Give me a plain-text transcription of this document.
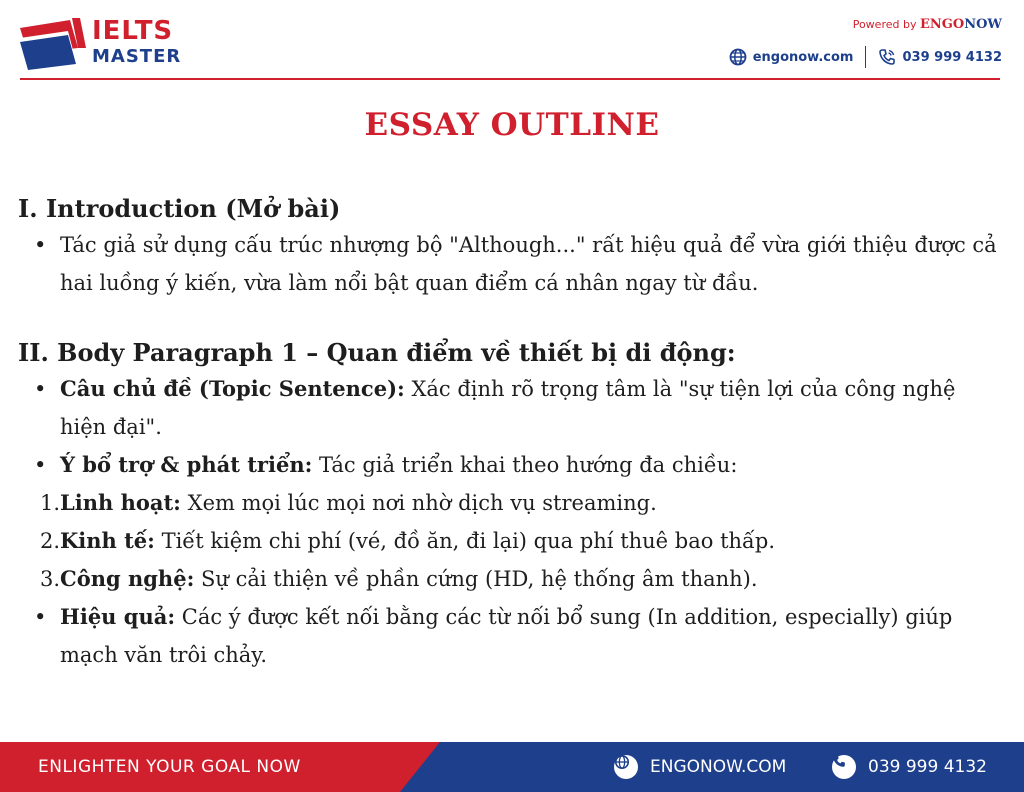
IELTS
MASTER
Powered by ENGONOW
engonow.com	039 999 4132
ESSAY OUTLINE
I. Introduction (Mở bài)
• Tác giả sử dụng cấu trúc nhượng bộ "Although..." rất hiệu quả để vừa giới thiệu được cả hai luồng ý kiến, vừa làm nổi bật quan điểm cá nhân ngay từ đầu.
II. Body Paragraph 1 – Quan điểm về thiết bị di động:
• Câu chủ đề (Topic Sentence): Xác định rõ trọng tâm là "sự tiện lợi của công nghệ hiện đại".
• Ý bổ trợ & phát triển: Tác giả triển khai theo hướng đa chiều:
1. Linh hoạt: Xem mọi lúc mọi nơi nhờ dịch vụ streaming.
2. Kinh tế: Tiết kiệm chi phí (vé, đồ ăn, đi lại) qua phí thuê bao thấp.
3. Công nghệ: Sự cải thiện về phần cứng (HD, hệ thống âm thanh).
• Hiệu quả: Các ý được kết nối bằng các từ nối bổ sung (In addition, especially) giúp mạch văn trôi chảy.
ENLIGHTEN YOUR GOAL NOW	ENGONOW.COM	039 999 4132
